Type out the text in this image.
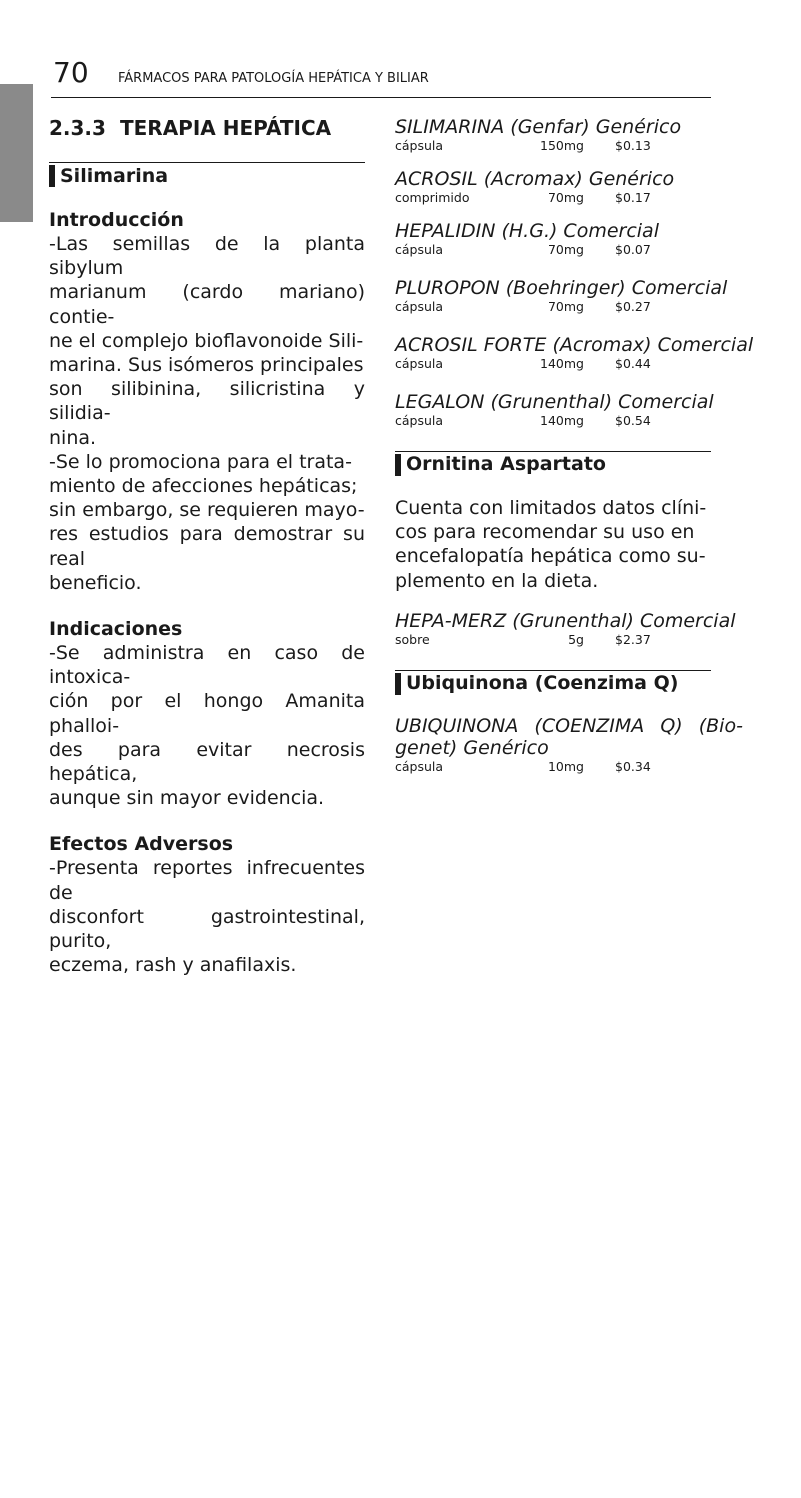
70 FÁRMACOS PARA PATOLOGÍA HEPÁTICA Y BILIAR
2.3.3 TERAPIA HEPÁTICA
Silimarina
Introducción
-Las semillas de la planta sibylum
marianum (cardo mariano) contie-
ne el complejo bioflavonoide Sili-
marina. Sus isómeros principales
son silibinina, silicristina y silidia-
nina.
-Se lo promociona para el trata-
miento de afecciones hepáticas;
sin embargo, se requieren mayo-
res estudios para demostrar su real
beneficio.
Indicaciones
-Se administra en caso de intoxica-
ción por el hongo Amanita phalloi-
des para evitar necrosis hepática,
aunque sin mayor evidencia.
Efectos Adversos
-Presenta reportes infrecuentes de
disconfort gastrointestinal, purito,
eczema, rash y anafilaxis.
SILIMARINA (Genfar) Genérico
cápsula	150mg $0.13
ACROSIL (Acromax) Genérico
comprimido	70mg $0.17
HEPALIDIN (H.G.) Comercial
cápsula	70mg $0.07
PLUROPON (Boehringer) Comercial
cápsula	70mg $0.27
ACROSIL FORTE (Acromax) Comercial
cápsula	140mg $0.44
LEGALON (Grunenthal) Comercial
cápsula	140mg $0.54
Ornitina Aspartato
Cuenta con limitados datos clíni-
cos para recomendar su uso en
encefalopatía hepática como su-
plemento en la dieta.
HEPA-MERZ (Grunenthal) Comercial
sobre	5g $2.37
Ubiquinona (Coenzima Q)
UBIQUINONA (COENZIMA Q) (Bio-
genet) Genérico
cápsula	10mg $0.34
